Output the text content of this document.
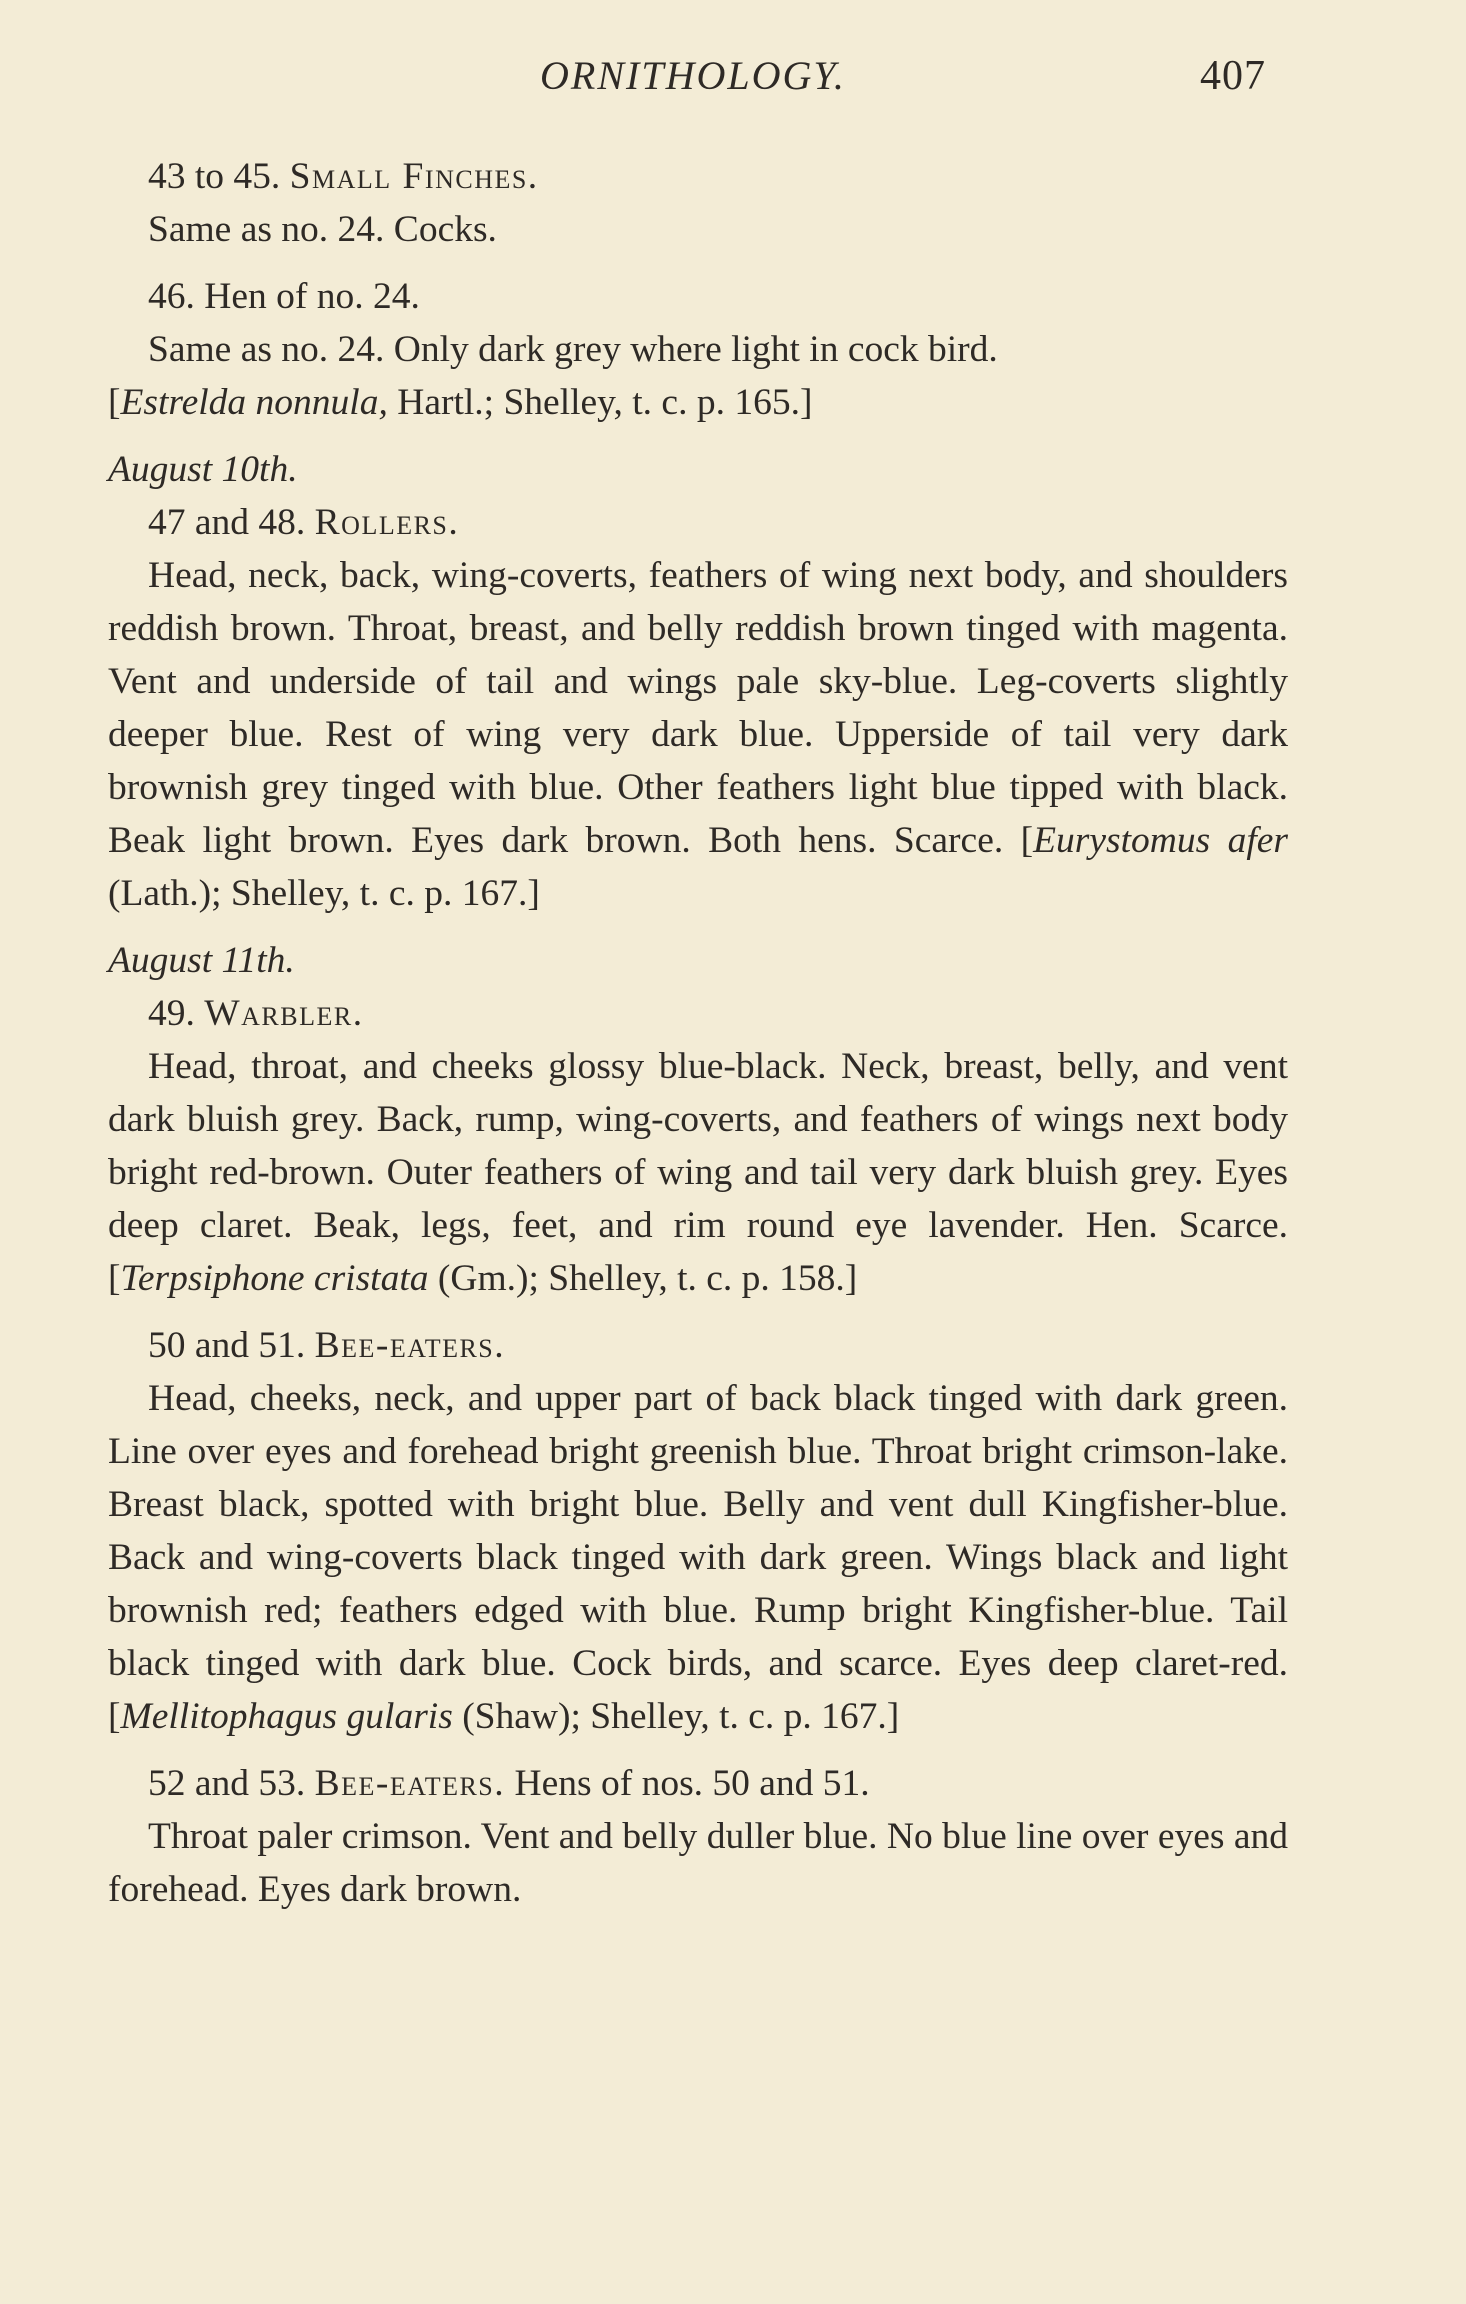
ORNITHOLOGY.	407

43 to 45. Small Finches.

Same as no. 24. Cocks.

46. Hen of no. 24.

Same as no. 24. Only dark grey where light in cock bird.

[Estrelda nonnula, Hartl.; Shelley, t. c. p. 165.]

August 10th.

47 and 48. Rollers.

Head, neck, back, wing-coverts, feathers of wing next body, and shoulders reddish brown. Throat, breast, and belly reddish brown tinged with magenta. Vent and underside of tail and wings pale sky-blue. Leg-coverts slightly deeper blue. Rest of wing very dark blue. Upperside of tail very dark brownish grey tinged with blue. Other feathers light blue tipped with black. Beak light brown. Eyes dark brown. Both hens. Scarce. [Eurystomus afer (Lath.); Shelley, t. c. p. 167.]

August 11th.

49. Warbler.

Head, throat, and cheeks glossy blue-black. Neck, breast, belly, and vent dark bluish grey. Back, rump, wing-coverts, and feathers of wings next body bright red-brown. Outer feathers of wing and tail very dark bluish grey. Eyes deep claret. Beak, legs, feet, and rim round eye lavender. Hen. Scarce. [Terpsiphone cristata (Gm.); Shelley, t. c. p. 158.]

50 and 51. Bee-eaters.

Head, cheeks, neck, and upper part of back black tinged with dark green. Line over eyes and forehead bright greenish blue. Throat bright crimson-lake. Breast black, spotted with bright blue. Belly and vent dull Kingfisher-blue. Back and wing-coverts black tinged with dark green. Wings black and light brownish red; feathers edged with blue. Rump bright Kingfisher-blue. Tail black tinged with dark blue. Cock birds, and scarce. Eyes deep claret-red. [Mellitophagus gularis (Shaw); Shelley, t. c. p. 167.]

52 and 53. Bee-eaters. Hens of nos. 50 and 51.

Throat paler crimson. Vent and belly duller blue. No blue line over eyes and forehead. Eyes dark brown.
